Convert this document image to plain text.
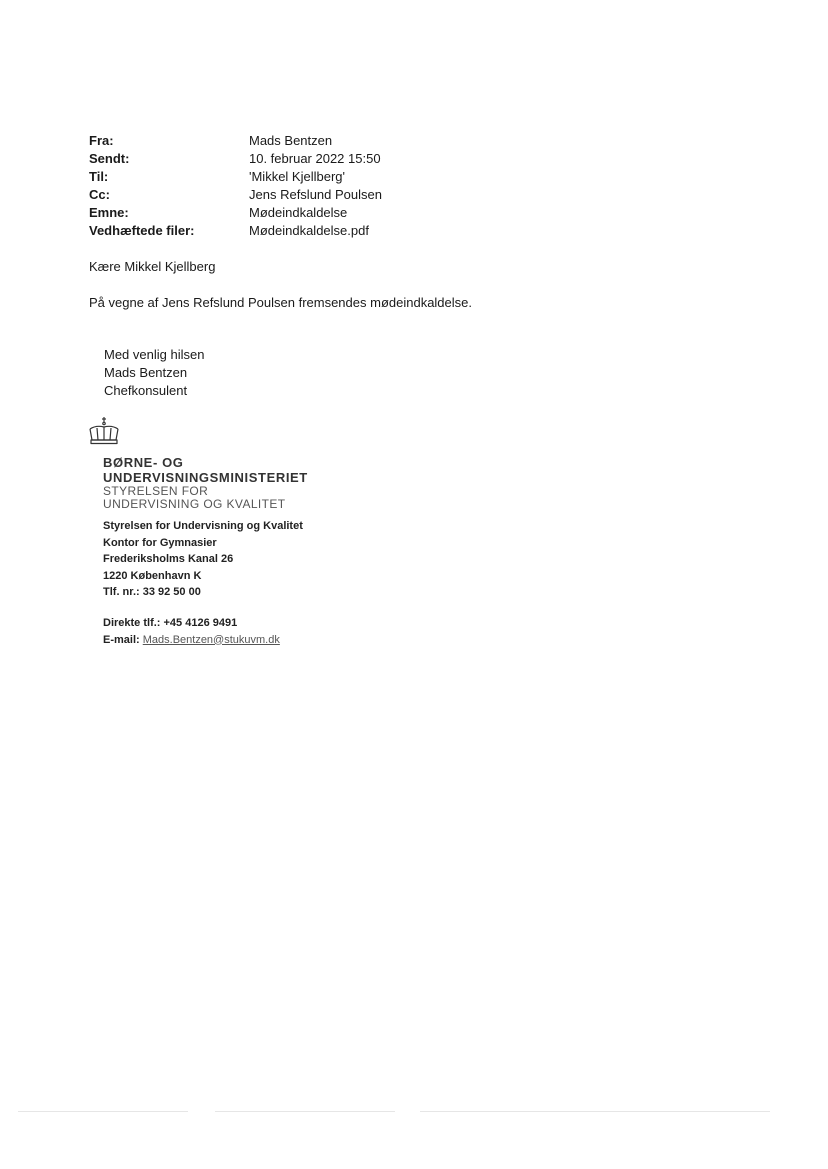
Fra:	Mads Bentzen
Sendt:	10. februar 2022 15:50
Til:	'Mikkel Kjellberg'
Cc:	Jens Refslund Poulsen
Emne:	Mødeindkaldelse
Vedhæftede filer:	Mødeindkaldelse.pdf
Kære Mikkel Kjellberg
På vegne af Jens Refslund Poulsen fremsendes mødeindkaldelse.
Med venlig hilsen
Mads Bentzen
Chefkonsulent
BØRNE- OG
UNDERVISNINGSMINISTERIET
STYRELSEN FOR
UNDERVISNING OG KVALITET
Styrelsen for Undervisning og Kvalitet
Kontor for Gymnasier
Frederiksholms Kanal 26
1220 København K
Tlf. nr.: 33 92 50 00
Direkte tlf.: +45 4126 9491
E-mail: Mads.Bentzen@stukuvm.dk
